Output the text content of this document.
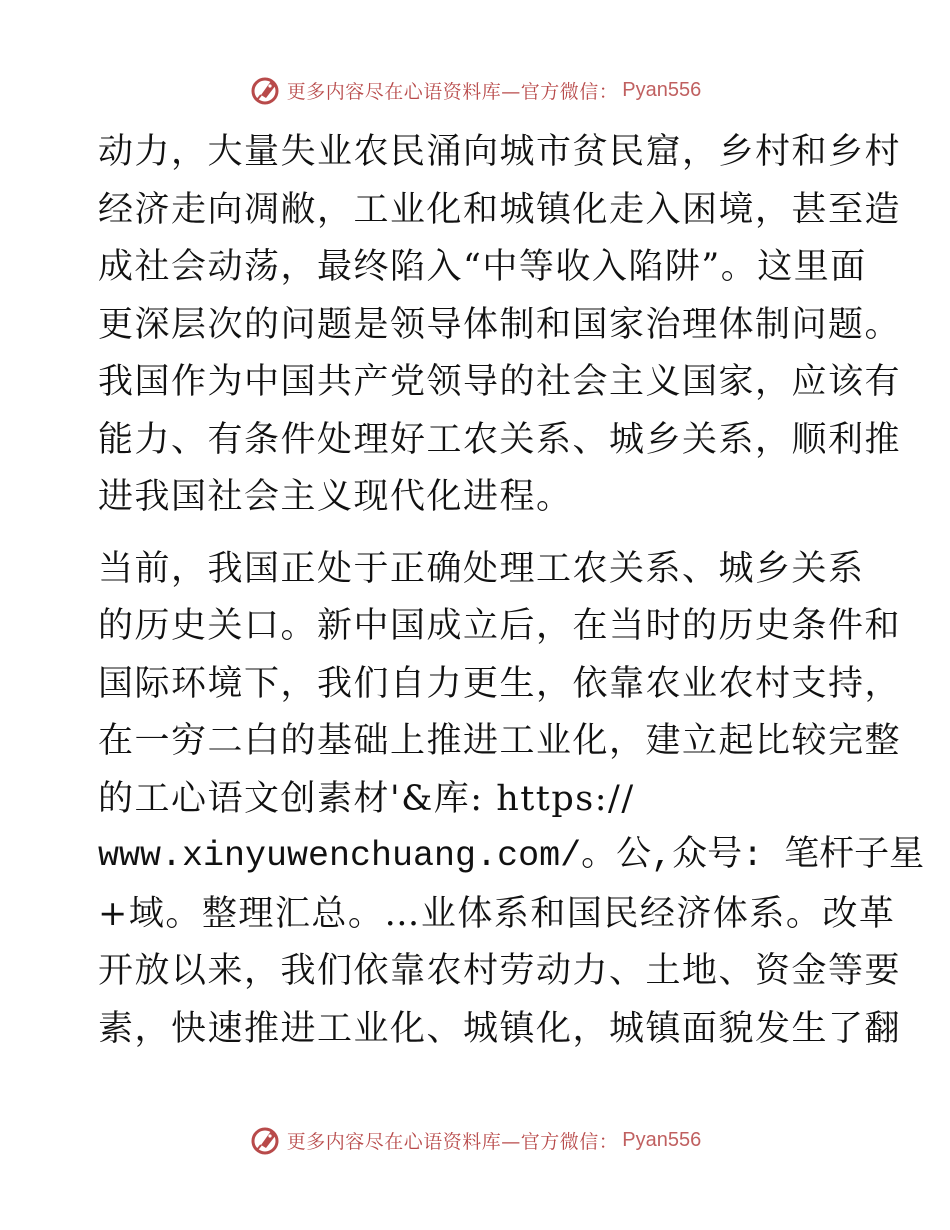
更多内容尽在心语资料库—官方微信： Pyan556
动力，大量失业农民涌向城市贫民窟，乡村和乡村
经济走向凋敝，工业化和城镇化走入困境，甚至造
成社会动荡，最终陷入“中等收入陷阱”。这里面
更深层次的问题是领导体制和国家治理体制问题。
我国作为中国共产党领导的社会主义国家，应该有
能力、有条件处理好工农关系、城乡关系，顺利推
进我国社会主义现代化进程。
当前，我国正处于正确处理工农关系、城乡关系
的历史关口。新中国成立后，在当时的历史条件和
国际环境下，我们自力更生，依靠农业农村支持，
在一穷二白的基础上推进工业化，建立起比较完整
的工心语文创素材'&库: https://
www.xinyuwenchuang.com/。公,众号: 笔杆子星
+域。整理汇总。…业体系和国民经济体系。改革
开放以来，我们依靠农村劳动力、土地、资金等要
素，快速推进工业化、城镇化，城镇面貌发生了翻
更多内容尽在心语资料库—官方微信： Pyan556
